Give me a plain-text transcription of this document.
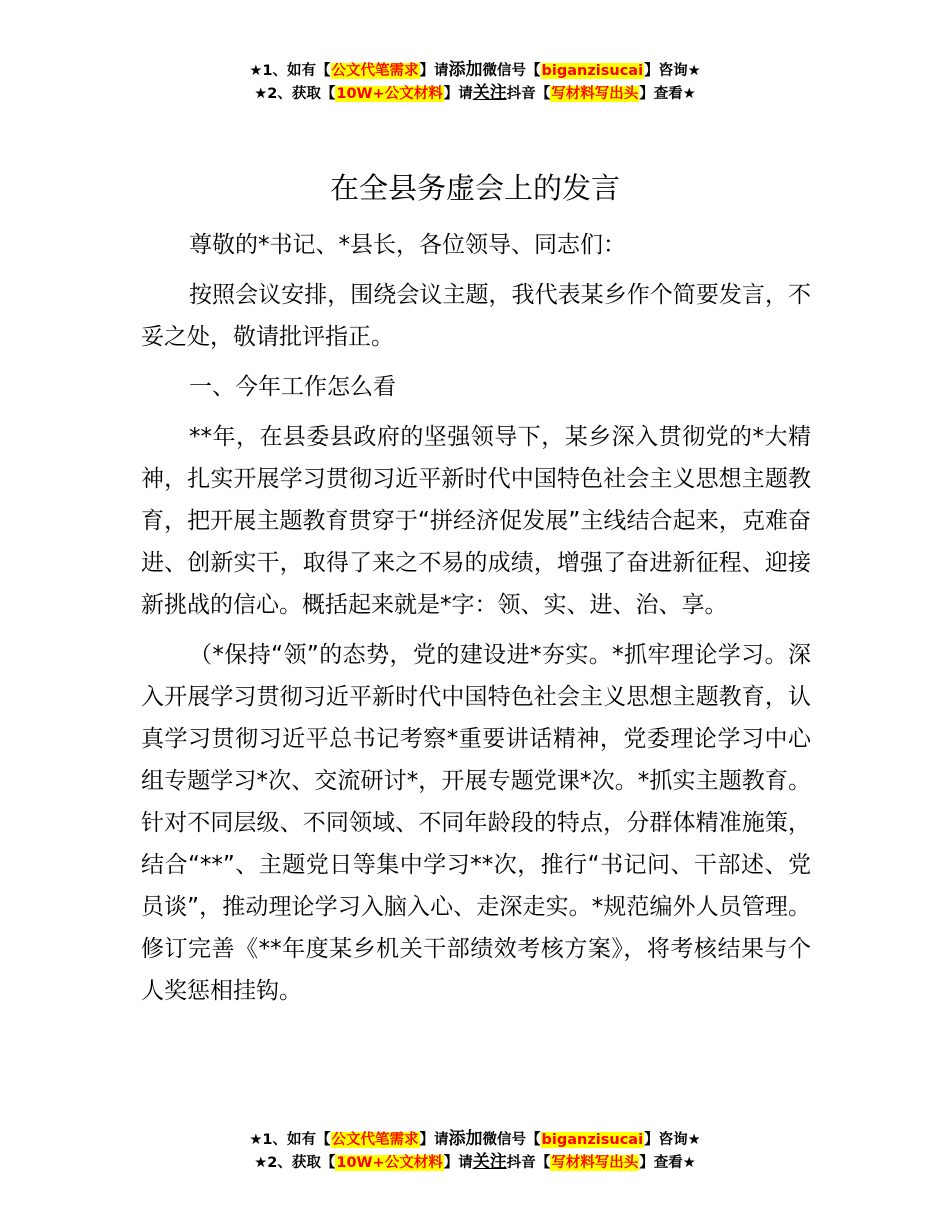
★1、如有【公文代笔需求】请添加微信号【biganzisucai】咨询★
★2、获取【10W+公文材料】请关注抖音【写材料写出头】查看★
在全县务虚会上的发言

尊敬的*书记、*县长，各位领导、同志们：

按照会议安排，围绕会议主题，我代表某乡作个简要发言，不妥之处，敬请批评指正。

一、今年工作怎么看

**年，在县委县政府的坚强领导下，某乡深入贯彻党的*大精神，扎实开展学习贯彻习近平新时代中国特色社会主义思想主题教育，把开展主题教育贯穿于“拼经济促发展”主线结合起来，克难奋进、创新实干，取得了来之不易的成绩，增强了奋进新征程、迎接新挑战的信心。概括起来就是*字：领、实、进、治、享。

（*保持“领”的态势，党的建设进*夯实。*抓牢理论学习。深入开展学习贯彻习近平新时代中国特色社会主义思想主题教育，认真学习贯彻习近平总书记考察*重要讲话精神，党委理论学习中心组专题学习*次、交流研讨*，开展专题党课*次。*抓实主题教育。针对不同层级、不同领域、不同年龄段的特点，分群体精准施策，结合“**”、主题党日等集中学习**次，推行“书记问、干部述、党员谈”，推动理论学习入脑入心、走深走实。*规范编外人员管理。修订完善《**年度某乡机关干部绩效考核方案》，将考核结果与个人奖惩相挂钩。

★1、如有【公文代笔需求】请添加微信号【biganzisucai】咨询★
★2、获取【10W+公文材料】请关注抖音【写材料写出头】查看★
